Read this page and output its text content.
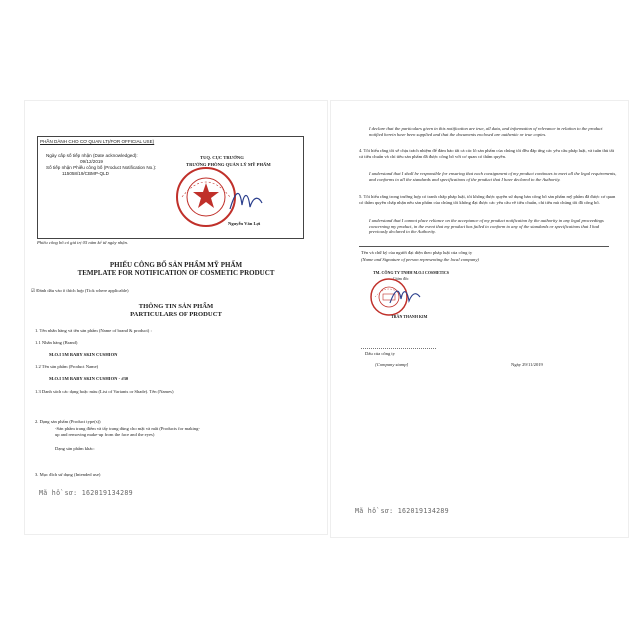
PHẦN DÀNH CHO CƠ QUAN LTỊ/FOR OFFICIAL USE)
Ngày cấp số tiếp nhận (Date acknowledged):
09/12/2019
Số tiếp nhận Phiếu công bố (Product Notification No.):
115058/19/CBMP-QLD
TUQ. CỤC TRƯỞNG
TRƯỞNG PHÒNG QUẢN LÝ MỸ PHẨM
Nguyễn Văn Lợi
Phiếu công bố có giá trị 05 năm kể từ ngày nhận.
PHIẾU CÔNG BỐ SẢN PHẨM MỸ PHẨM
TEMPLATE FOR NOTIFICATION OF COSMETIC PRODUCT
☑ Đánh dấu vào ô thích hợp (Tick where applicable)
THÔNG TIN SẢN PHẨM
PARTICULARS OF PRODUCT
1. Tên nhãn hàng và tên sản phẩm (Name of brand & product) :
1.1 Nhãn hàng (Brand)
M.O.I 5M BABY SKIN CUSHION
1.2 Tên sản phẩm (Product Name)
M.O.I 5M BABY SKIN CUSHION - #30
1.3 Danh sách các dạng hoặc màu (List of Variants or Shade). Tên (Names)
2. Dạng sản phẩm (Product type(s))
-Sản phẩm trang điểm và tẩy trang dùng cho mặt và mắt (Products for making-
up and removing make-up from the face and the eyes)
Dạng sản phẩm khác:
3. Mục đích sử dụng (Intended use)
Mã hồ sơ: 162019134289
I declare that the particulars given in this notification are true, all data, and information of relevance in relation to the product notified herein have been supplied and that the documents enclosed are authentic or true copies.
4. Tôi hiểu rằng tôi sẽ chịu trách nhiệm để đảm bảo tất cả các lô sản phẩm của chúng tôi đều đáp ứng các yêu cầu pháp luật, và tuân thủ tất cả tiêu chuẩn và chỉ tiêu sản phẩm đã được công bố với cơ quan có thẩm quyền.
I understand that I shall be responsible for ensuring that each consignment of my product continues to meet all the legal requirements, and conforms to all the standards and specifications of the product that I have declared to the Authority.
5. Tôi hiểu rằng trong trường hợp có tranh chấp pháp luật, tôi không được quyền sử dụng bản công bố sản phẩm mỹ phẩm đã được cơ quan có thẩm quyền chấp nhận nếu sản phẩm của chúng tôi không đạt được các yêu cầu về tiêu chuẩn, chỉ tiêu mà chúng tôi đã công bố.
I understand that I cannot place reliance on the acceptance of my product notification by the authority in any legal proceedings concerning my product, in the event that my product has failed to conform to any of the standards or specifications that I had previously declared to the Authority.
Tên và chữ ký của người đại diện theo pháp luật của công ty
(Name and Signature of person representing the local company)
TM. CÔNG TY TNHH M.O.I COSMETICS
Giám đốc
TRẦN THANH KIM
Dấu của công ty
[Company stamp]	Ngày 29/11/2019
Mã hồ sơ: 162019134289
